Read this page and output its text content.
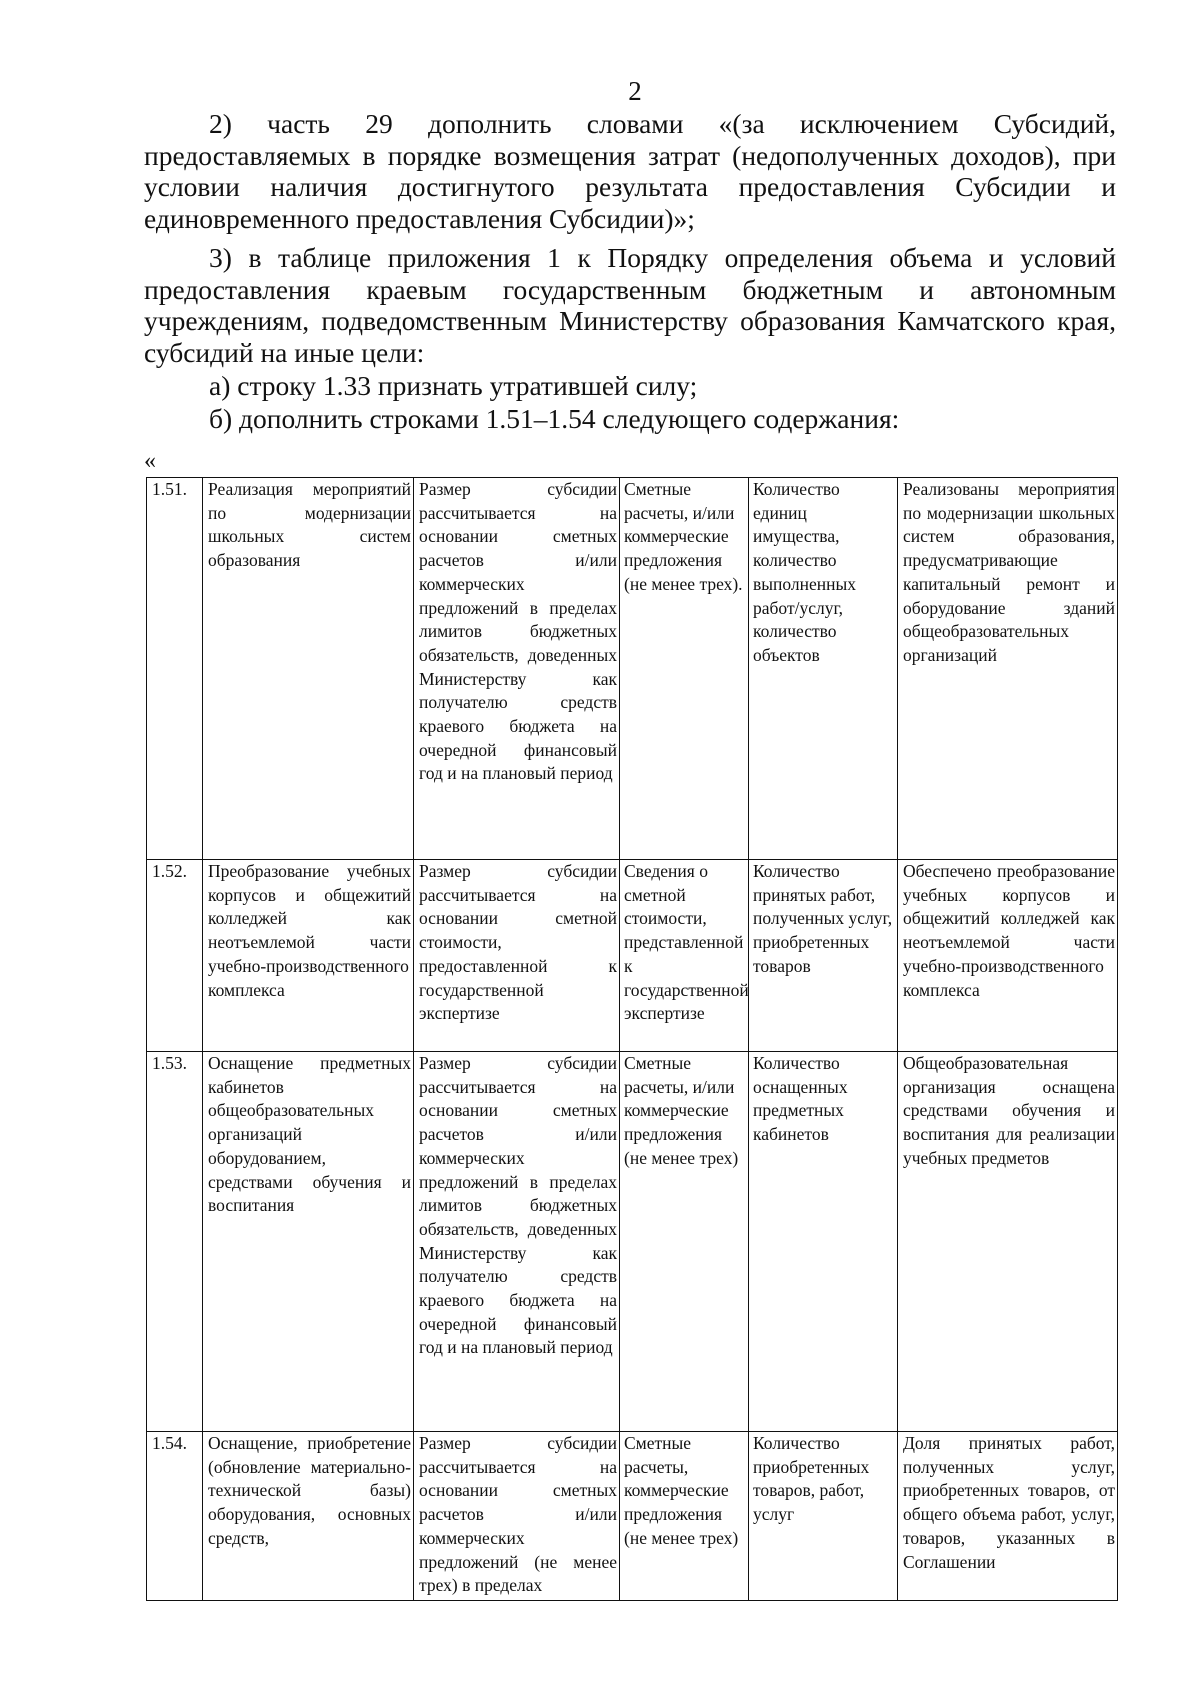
2

2) часть 29 дополнить словами «(за исключением Субсидий, предоставляемых в порядке возмещения затрат (недополученных доходов), при условии наличия достигнутого результата предоставления Субсидии и единовременного предоставления Субсидии)»;

3) в таблице приложения 1 к Порядку определения объема и условий предоставления краевым государственным бюджетным и автономным учреждениям, подведомственным Министерству образования Камчатского края, субсидий на иные цели:

а) строку 1.33 признать утратившей силу;

б) дополнить строками 1.51–1.54 следующего содержания:

«
1.51.	Реализация мероприятий по модернизации школьных систем образования	Размер субсидии рассчитывается на основании сметных расчетов и/или коммерческих предложений в пределах лимитов бюджетных обязательств, доведенных Министерству как получателю средств краевого бюджета на очередной финансовый год и на плановый период	Сметные расчеты, и/или коммерческие предложения (не менее трех).	Количество единиц имущества, количество выполненных работ/услуг, количество объектов	Реализованы мероприятия по модернизации школьных систем образования, предусматривающие капитальный ремонт и оборудование зданий общеобразовательных организаций
1.52.	Преобразование учебных корпусов и общежитий колледжей как неотъемлемой части учебно-производственного комплекса	Размер субсидии рассчитывается на основании сметной стоимости, предоставленной к государственной экспертизе	Сведения о сметной стоимости, представленной к государственной экспертизе	Количество принятых работ, полученных услуг, приобретенных товаров	Обеспечено преобразование учебных корпусов и общежитий колледжей как неотъемлемой части учебно-производственного комплекса
1.53.	Оснащение предметных кабинетов общеобразовательных организаций оборудованием, средствами обучения и воспитания	Размер субсидии рассчитывается на основании сметных расчетов и/или коммерческих предложений в пределах лимитов бюджетных обязательств, доведенных Министерству как получателю средств краевого бюджета на очередной финансовый год и на плановый период	Сметные расчеты, и/или коммерческие предложения (не менее трех)	Количество оснащенных предметных кабинетов	Общеобразовательная организация оснащена средствами обучения и воспитания для реализации учебных предметов
1.54.	Оснащение, приобретение (обновление материально-технической базы) оборудования, основных средств,	Размер субсидии рассчитывается на основании сметных расчетов и/или коммерческих предложений (не менее трех) в пределах	Сметные расчеты, коммерческие предложения (не менее трех)	Количество приобретенных товаров, работ, услуг	Доля принятых работ, полученных услуг, приобретенных товаров, от общего объема работ, услуг, товаров, указанных в Соглашении
